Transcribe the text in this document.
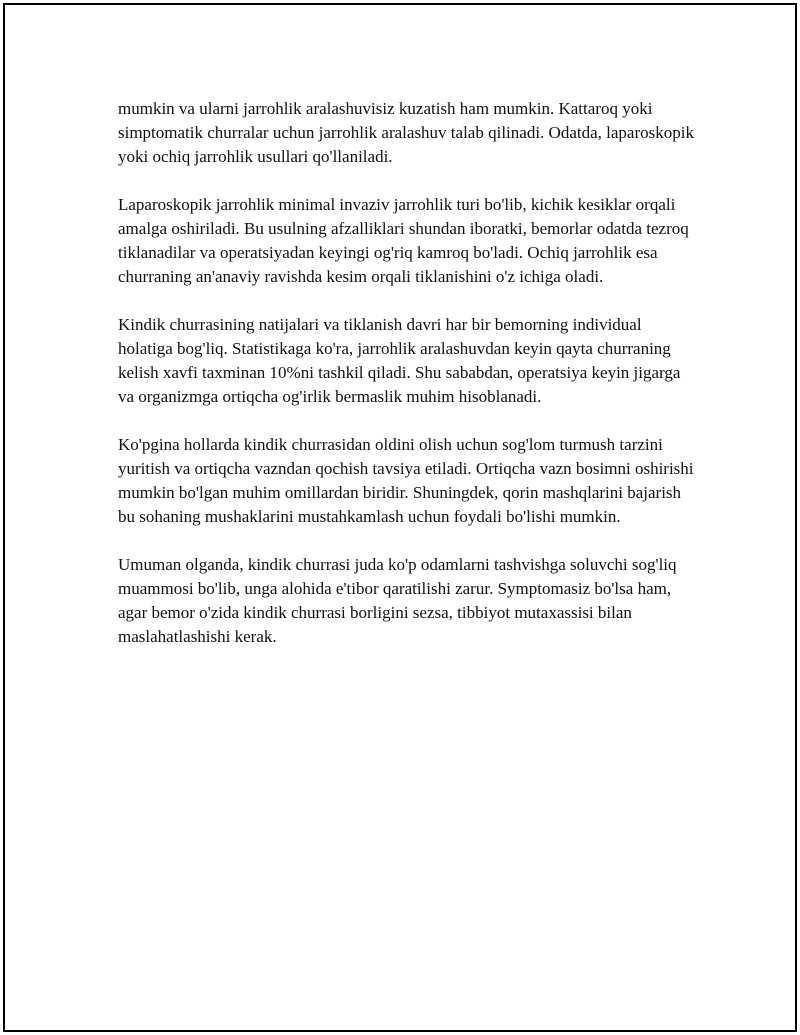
mumkin va ularni jarrohlik aralashuvisiz kuzatish ham mumkin. Kattaroq yoki simptomatik churralar uchun jarrohlik aralashuv talab qilinadi. Odatda, laparoskopik yoki ochiq jarrohlik usullari qo'llaniladi.

Laparoskopik jarrohlik minimal invaziv jarrohlik turi bo'lib, kichik kesiklar orqali amalga oshiriladi. Bu usulning afzalliklari shundan iboratki, bemorlar odatda tezroq tiklanadilar va operatsiyadan keyingi og'riq kamroq bo'ladi. Ochiq jarrohlik esa churraning an'anaviy ravishda kesim orqali tiklanishini o'z ichiga oladi.

Kindik churrasining natijalari va tiklanish davri har bir bemorning individual holatiga bog'liq. Statistikaga ko'ra, jarrohlik aralashuvdan keyin qayta churraning kelish xavfi taxminan 10%ni tashkil qiladi. Shu sababdan, operatsiya keyin jigarga va organizmga ortiqcha og'irlik bermaslik muhim hisoblanadi.

Ko'pgina hollarda kindik churrasidan oldini olish uchun sog'lom turmush tarzini yuritish va ortiqcha vazndan qochish tavsiya etiladi. Ortiqcha vazn bosimni oshirishi mumkin bo'lgan muhim omillardan biridir. Shuningdek, qorin mashqlarini bajarish bu sohaning mushaklarini mustahkamlash uchun foydali bo'lishi mumkin.

Umuman olganda, kindik churrasi juda ko'p odamlarni tashvishga soluvchi sog'liq muammosi bo'lib, unga alohida e'tibor qaratilishi zarur. Symptomasiz bo'lsa ham, agar bemor o'zida kindik churrasi borligini sezsa, tibbiyot mutaxassisi bilan maslahatlashishi kerak.
